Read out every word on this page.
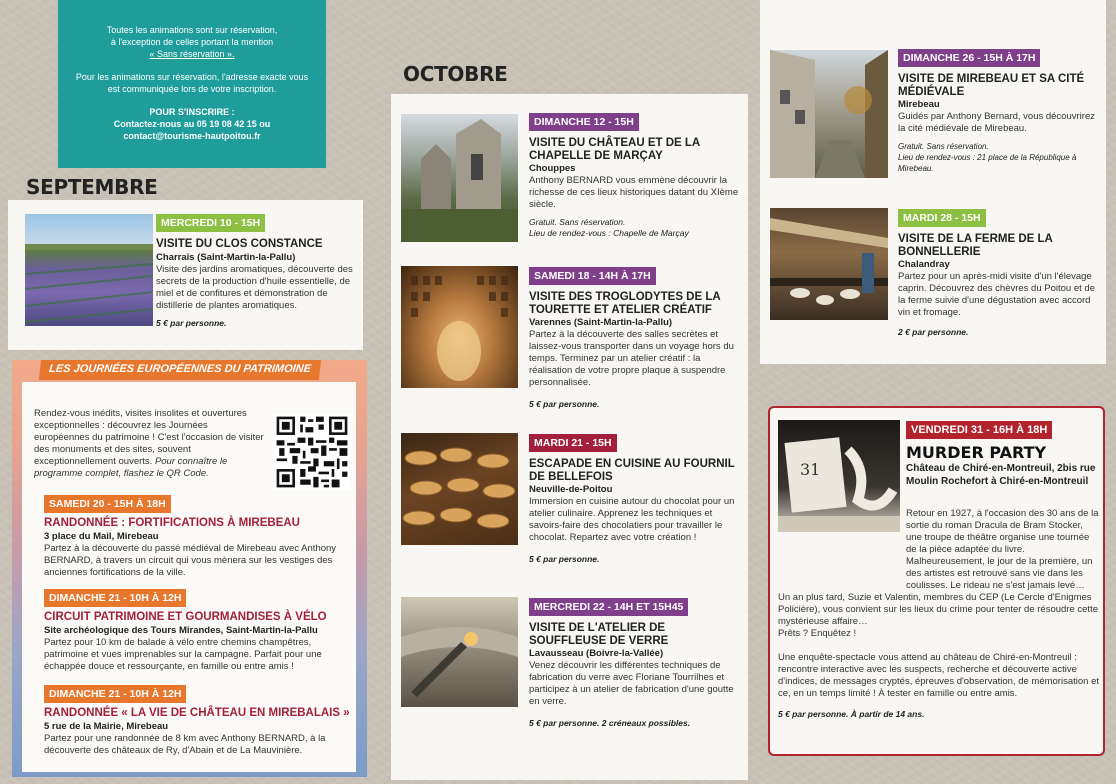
Toutes les animations sont sur réservation,
à l'exception de celles portant la mention
« Sans réservation ».

Pour les animations sur réservation, l'adresse exacte vous est communiquée lors de votre inscription.

POUR S'INSCRIRE :
Contactez-nous au 05 19 08 42 15 ou
contact@tourisme-hautpoitou.fr

SEPTEMBRE
OCTOBRE
MERCREDI 10 - 15H
VISITE DU CLOS CONSTANCE
Charrais (Saint-Martin-la-Pallu)
Visite des jardins aromatiques, découverte des secrets de la production d'huile essentielle, de miel et de confitures et démonstration de distillerie de plantes aromatiques.
5 € par personne.
LES JOURNÉES EUROPÉENNES DU PATRIMOINE
Rendez-vous inédits, visites insolites et ouvertures exceptionnelles : découvrez les Journées européennes du patrimoine ! C'est l'occasion de visiter des monuments et des sites, souvent exceptionnellement ouverts. Pour connaître le programme complet, flashez le QR Code.
SAMEDI 20 - 15H À 18H
RANDONNÉE : FORTIFICATIONS À MIREBEAU
3 place du Mail, Mirebeau
Partez à la découverte du passé médiéval de Mirebeau avec Anthony BERNARD, à travers un circuit qui vous mènera sur les vestiges des anciennes fortifications de la ville.
DIMANCHE 21 - 10H À 12H
CIRCUIT PATRIMOINE ET GOURMANDISES À VÉLO
Site archéologique des Tours Mirandes, Saint-Martin-la-Pallu
Partez pour 10 km de balade à vélo entre chemins champêtres, patrimoine et vues imprenables sur la campagne. Parfait pour une échappée douce et ressourçante, en famille ou entre amis !
DIMANCHE 21 - 10H À 12H
RANDONNÉE « LA VIE DE CHÂTEAU EN MIREBALAIS »
5 rue de la Mairie, Mirebeau
Partez pour une randonnée de 8 km avec Anthony BERNARD, à la découverte des châteaux de Ry, d'Abain et de La Mauvinière.
DIMANCHE 12 - 15H
VISITE DU CHÂTEAU ET DE LA CHAPELLE DE MARÇAY
Chouppes
Anthony BERNARD vous emmène découvrir la richesse de ces lieux historiques datant du XIème siècle.
Gratuit. Sans réservation.
Lieu de rendez-vous : Chapelle de Marçay
SAMEDI 18 - 14H À 17H
VISITE DES TROGLODYTES DE LA TOURETTE ET ATELIER CRÉATIF
Varennes (Saint-Martin-la-Pallu)
Partez à la découverte des salles secrètes et laissez-vous transporter dans un voyage hors du temps. Terminez par un atelier créatif : la réalisation de votre propre plaque à suspendre personnalisée.
5 € par personne.
MARDI 21 - 15H
ESCAPADE EN CUISINE AU FOURNIL DE BELLEFOIS
Neuville-de-Poitou
Immersion en cuisine autour du chocolat pour un atelier culinaire. Apprenez les techniques et savoirs-faire des chocolatiers pour travailler le chocolat. Repartez avec votre création !
5 € par personne.
MERCREDI 22 - 14H ET 15H45
VISITE DE L'ATELIER DE SOUFFLEUSE DE VERRE
Lavausseau (Boivre-la-Vallée)
Venez découvrir les différentes techniques de fabrication du verre avec Floriane Tourrilhes et participez à un atelier de fabrication d'une goutte en verre.
5 € par personne. 2 créneaux possibles.
DIMANCHE 26 - 15H À 17H
VISITE DE MIREBEAU ET SA CITÉ MÉDIÉVALE
Mirebeau
Guidés par Anthony Bernard, vous découvrirez la cité médiévale de Mirebeau.
Gratuit. Sans réservation.
Lieu de rendez-vous : 21 place de la République à Mirebeau.
MARDI 28 - 15H
VISITE DE LA FERME DE LA BONNELLERIE
Chalandray
Partez pour un après-midi visite d'un l'élevage caprin. Découvrez des chèvres du Poitou et de la ferme suivie d'une dégustation avec accord vin et fromage.
2 € par personne.
31
VENDREDI 31 - 16H À 18H
MURDER PARTY
Château de Chiré-en-Montreuil, 2bis rue Moulin Rochefort à Chiré-en-Montreuil
Retour en 1927, à l'occasion des 30 ans de la sortie du roman Dracula de Bram Stocker, une troupe de théâtre organise une tournée de la pièce adaptée du livre. Malheureusement, le jour de la première, un des artistes est retrouvé sans vie dans les coulisses. Le rideau ne s'est jamais levé…
Un an plus tard, Suzie et Valentin, membres du CEP (Le Cercle d'Enigmes Policière), vous convient sur les lieux du crime pour tenter de résoudre cette mystérieuse affaire…
Prêts ? Enquêtez !
Une enquête-spectacle vous attend au château de Chiré-en-Montreuil : rencontre interactive avec les suspects, recherche et découverte active d'indices, de messages cryptés, épreuves d'observation, de mémorisation et ce, en un temps limité ! À tester en famille ou entre amis.
5 € par personne. À partir de 14 ans.
